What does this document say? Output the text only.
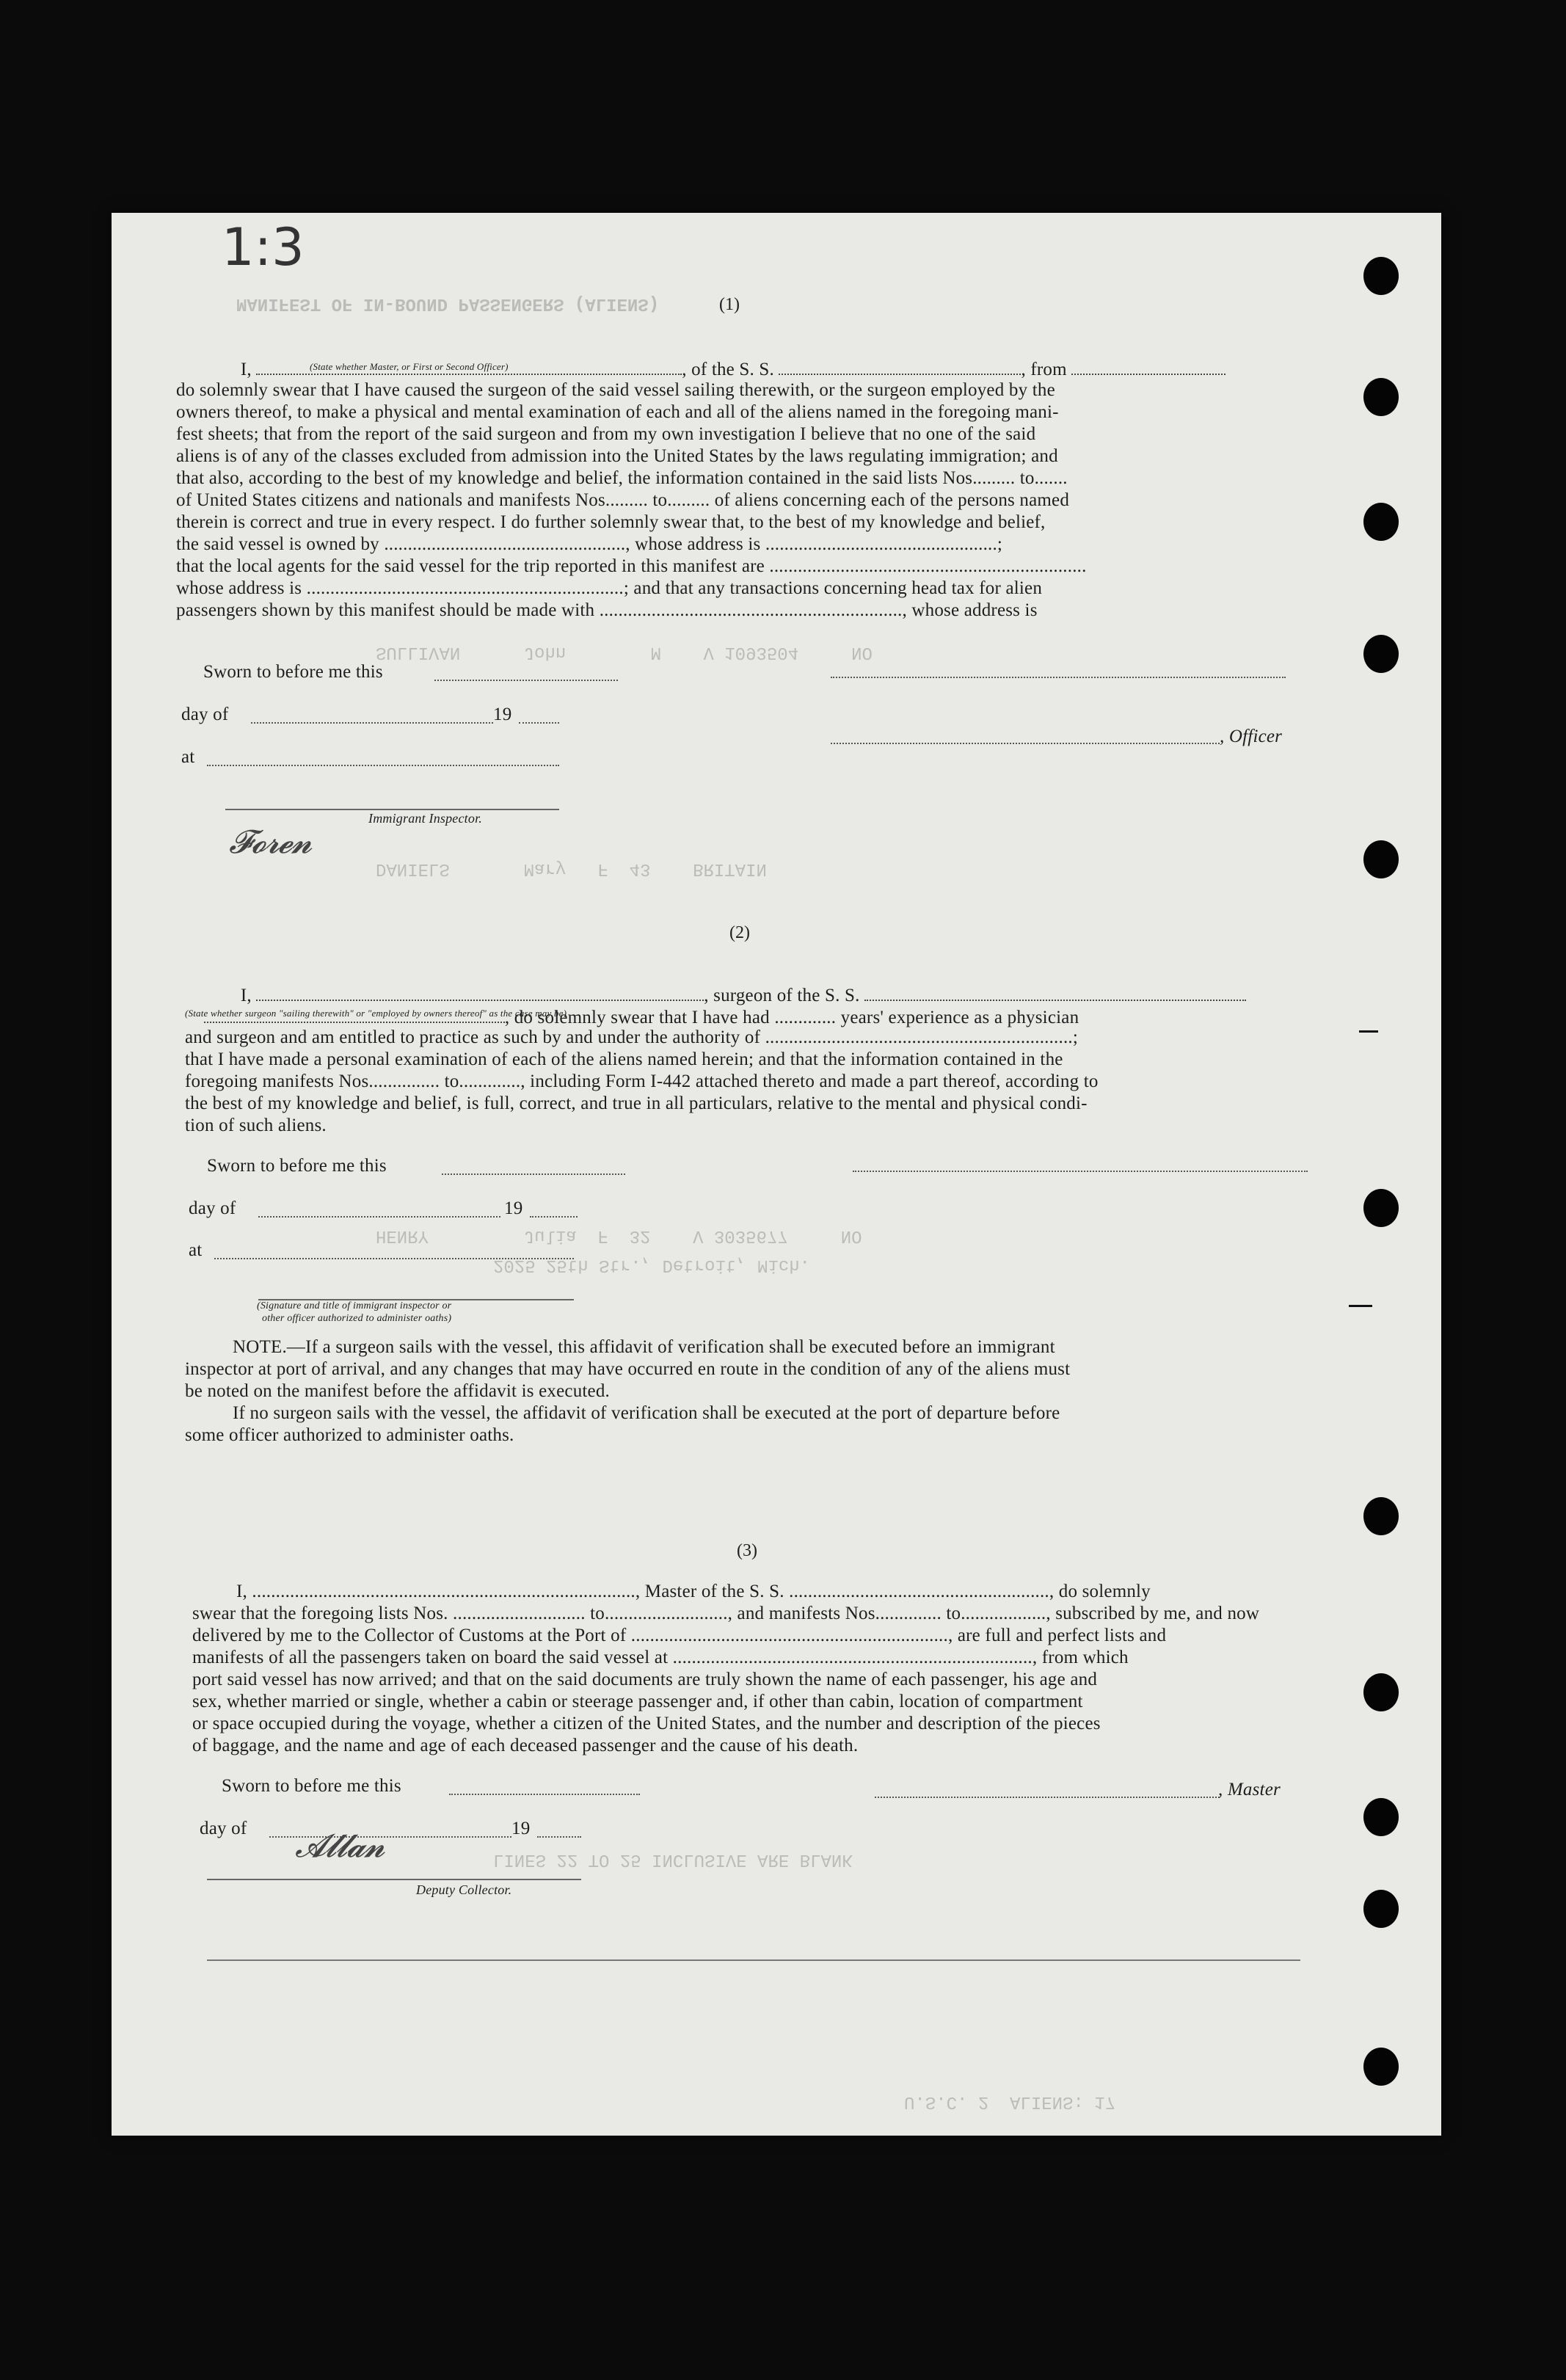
MANIFEST OF IN-BOUND PASSENGERS (ALIENS)
SULLIVAN      John        M    V 1093504     NO
DANIELS       Mary   F  43    BRITAIN
HENRY         Julia  F  32    V 3035677     NO
2025 25th Str., Detroit, Mich.
LINES 22 TO 25 INCLUSIVE ARE BLANK
U.S.C. 2  ALIENS: 17
1:3
(1)

I,	, of the S. S.	, from

(State whether Master, or First or Second Officer)
do solemnly swear that I have caused the surgeon of the said vessel sailing therewith, or the surgeon employed by the
owners thereof, to make a physical and mental examination of each and all of the aliens named in the foregoing mani-
fest sheets; that from the report of the said surgeon and from my own investigation I believe that no one of the said
aliens is of any of the classes excluded from admission into the United States by the laws regulating immigration; and
that also, according to the best of my knowledge and belief, the information contained in the said lists Nos......... to.......
of United States citizens and nationals and manifests Nos......... to......... of aliens concerning each of the persons named
therein is correct and true in every respect. I do further solemnly swear that, to the best of my knowledge and belief,
the said vessel is owned by ..................................................., whose address is .................................................;
that the local agents for the said vessel for the trip reported in this manifest are ...................................................................
whose address is ...................................................................; and that any transactions concerning head tax for alien
passengers shown by this manifest should be made with ................................................................, whose address is
Sworn to before me this
day of	19
, Officer
at
Immigrant Inspector.
𝓕𝓸𝓻𝓮𝓷
(2)

I,	, surgeon of the S. S.

, do solemnly swear that I have had ............. years' experience as a physician

(State whether surgeon "sailing therewith" or "employed by owners thereof" as the case may be)
and surgeon and am entitled to practice as such by and under the authority of .................................................................;
that I have made a personal examination of each of the aliens named herein; and that the information contained in the
foregoing manifests Nos............... to............., including Form I-442 attached thereto and made a part thereof, according to
the best of my knowledge and belief, is full, correct, and true in all particulars, relative to the mental and physical condi-
tion of such aliens.
Sworn to before me this
day of	19
at
(Signature and title of immigrant inspector or
other officer authorized to administer oaths)
NOTE.—If a surgeon sails with the vessel, this affidavit of verification shall be executed before an immigrant
inspector at port of arrival, and any changes that may have occurred en route in the condition of any of the aliens must
be noted on the manifest before the affidavit is executed.
If no surgeon sails with the vessel, the affidavit of verification shall be executed at the port of departure before
some officer authorized to administer oaths.
(3)
I, ................................................................................., Master of the S. S. ......................................................., do solemnly
swear that the foregoing lists Nos. ............................ to.........................., and manifests Nos.............. to.................., subscribed by me, and now
delivered by me to the Collector of Customs at the Port of ..................................................................., are full and perfect lists and
manifests of all the passengers taken on board the said vessel at ............................................................................, from which
port said vessel has now arrived; and that on the said documents are truly shown the name of each passenger, his age and
sex, whether married or single, whether a cabin or steerage passenger and, if other than cabin, location of compartment
or space occupied during the voyage, whether a citizen of the United States, and the number and description of the pieces
of baggage, and the name and age of each deceased passenger and the cause of his death.
Sworn to before me this	, Master
day of	19
Deputy Collector.
𝓐𝓵𝓵𝓪𝓷
